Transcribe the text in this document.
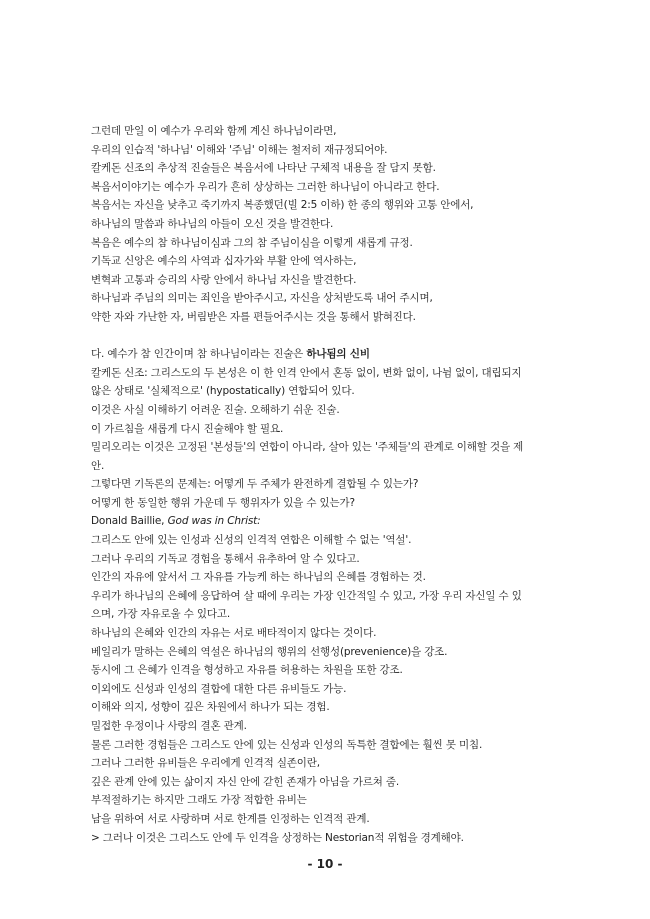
그런데 만일 이 예수가 우리와 함께 계신 하나님이라면,
우리의 인습적 '하나님' 이해와 '주님' 이해는 철저히 재규정되어야.
칼케돈 신조의 추상적 진술들은 복음서에 나타난 구체적 내용을 잘 담지 못함.
복음서이야기는 예수가 우리가 흔히 상상하는 그러한 하나님이 아니라고 한다.
복음서는 자신을 낮추고 죽기까지 복종했던(빌 2:5 이하) 한 종의 행위와 고통 안에서,
하나님의 말씀과 하나님의 아들이 오신 것을 발견한다.
복음은 예수의 참 하나님이심과 그의 참 주님이심을 이렇게 새롭게 규정.
기독교 신앙은 예수의 사역과 십자가와 부활 안에 역사하는,
변혁과 고통과 승리의 사랑 안에서 하나님 자신을 발견한다.
하나님과 주님의 의미는 죄인을 받아주시고, 자신을 상처받도록 내어 주시며,
약한 자와 가난한 자, 버림받은 자를 편들어주시는 것을 통해서 밝혀진다.
다. 예수가 참 인간이며 참 하나님이라는 진술은 하나됨의 신비
칼케돈 신조: 그리스도의 두 본성은 이 한 인격 안에서 혼동 없이, 변화 없이, 나뉨 없이, 대립되지
않은 상태로 '실체적으로' (hypostatically) 연합되어 있다.
이것은 사실 이해하기 어려운 진술. 오해하기 쉬운 진술.
이 가르침을 새롭게 다시 진술해야 할 필요.
밀리오리는 이것은 고정된 '본성들'의 연합이 아니라, 살아 있는 '주체들'의 관계로 이해할 것을 제
안.
그렇다면 기독론의 문제는: 어떻게 두 주체가 완전하게 결합될 수 있는가?
어떻게 한 동일한 행위 가운데 두 행위자가 있을 수 있는가?
Donald Baillie, God was in Christ:
그리스도 안에 있는 인성과 신성의 인격적 연합은 이해할 수 없는 '역설'.
그러나 우리의 기독교 경험을 통해서 유추하여 알 수 있다고.
인간의 자유에 앞서서 그 자유를 가능케 하는 하나님의 은혜를 경험하는 것.
우리가 하나님의 은혜에 응답하여 살 때에 우리는 가장 인간적일 수 있고, 가장 우리 자신일 수 있
으며, 가장 자유로울 수 있다고.
하나님의 은혜와 인간의 자유는 서로 배타적이지 않다는 것이다.
베일리가 말하는 은혜의 역설은 하나님의 행위의 선행성(prevenience)을 강조.
동시에 그 은혜가 인격을 형성하고 자유를 허용하는 차원을 또한 강조.
이외에도 신성과 인성의 결합에 대한 다른 유비들도 가능.
이해와 의지, 성향이 깊은 차원에서 하나가 되는 경험.
밀접한 우정이나 사랑의 결혼 관계.
물론 그러한 경험들은 그리스도 안에 있는 신성과 인성의 독특한 결합에는 훨씬 못 미침.
그러나 그러한 유비들은 우리에게 인격적 실존이란,
깊은 관계 안에 있는 삶이지 자신 안에 갇힌 존재가 아님을 가르쳐 줌.
부적절하기는 하지만 그래도 가장 적합한 유비는
남을 위하여 서로 사랑하며 서로 한계를 인정하는 인격적 관계.
> 그러나 이것은 그리스도 안에 두 인격을 상정하는 Nestorian적 위험을 경계해야.
- 10 -
